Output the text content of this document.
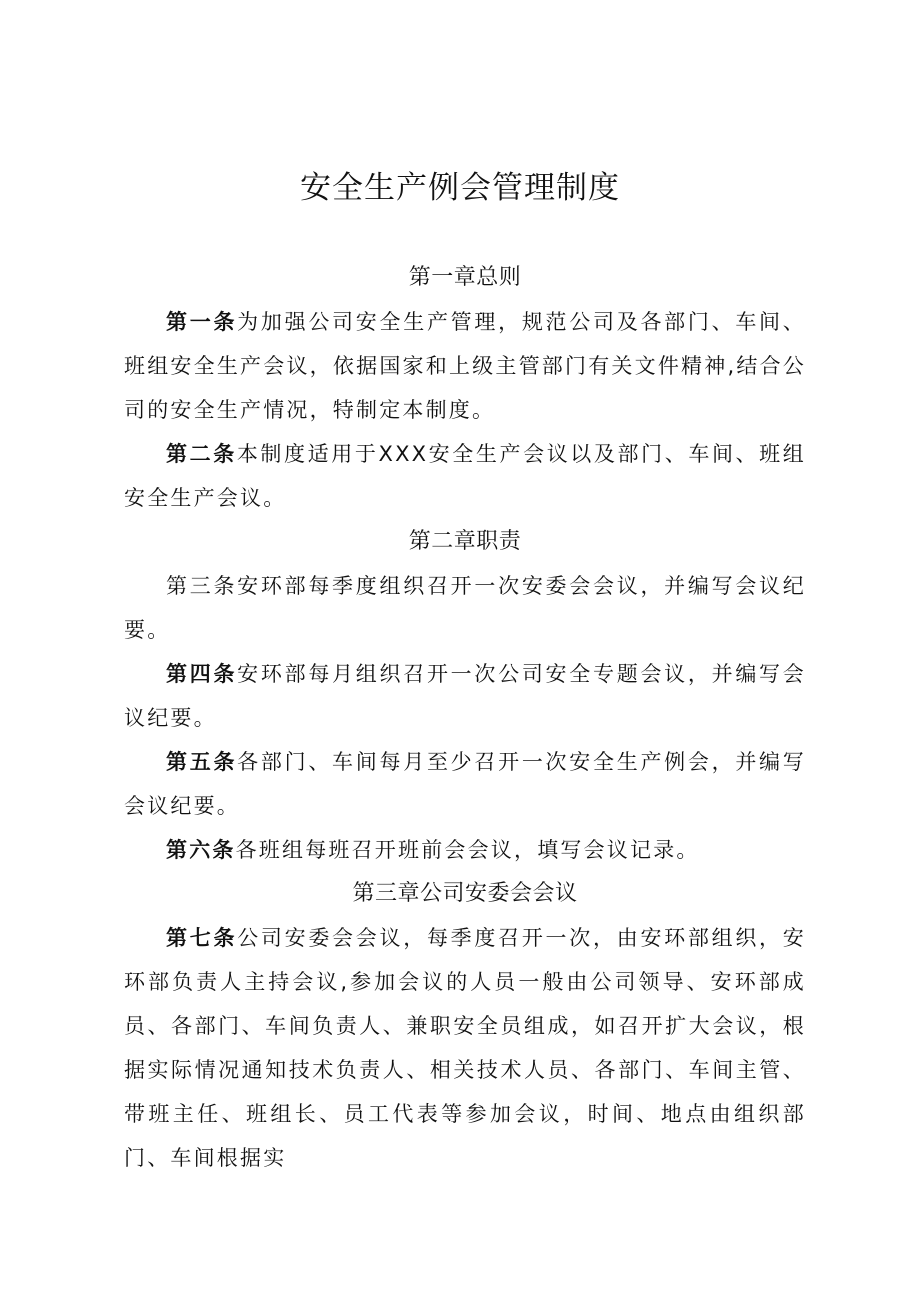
安全生产例会管理制度
第一章总则

第一条为加强公司安全生产管理，规范公司及各部门、车间、班组安全生产会议，依据国家和上级主管部门有关文件精神,结合公司的安全生产情况，特制定本制度。

第二条本制度适用于XXX安全生产会议以及部门、车间、班组安全生产会议。

第二章职责

第三条安环部每季度组织召开一次安委会会议，并编写会议纪要。

第四条安环部每月组织召开一次公司安全专题会议，并编写会议纪要。

第五条各部门、车间每月至少召开一次安全生产例会，并编写会议纪要。

第六条各班组每班召开班前会会议，填写会议记录。

第三章公司安委会会议

第七条公司安委会会议，每季度召开一次，由安环部组织，安环部负责人主持会议,参加会议的人员一般由公司领导、安环部成员、各部门、车间负责人、兼职安全员组成，如召开扩大会议，根据实际情况通知技术负责人、相关技术人员、各部门、车间主管、带班主任、班组长、员工代表等参加会议，时间、地点由组织部门、车间根据实
